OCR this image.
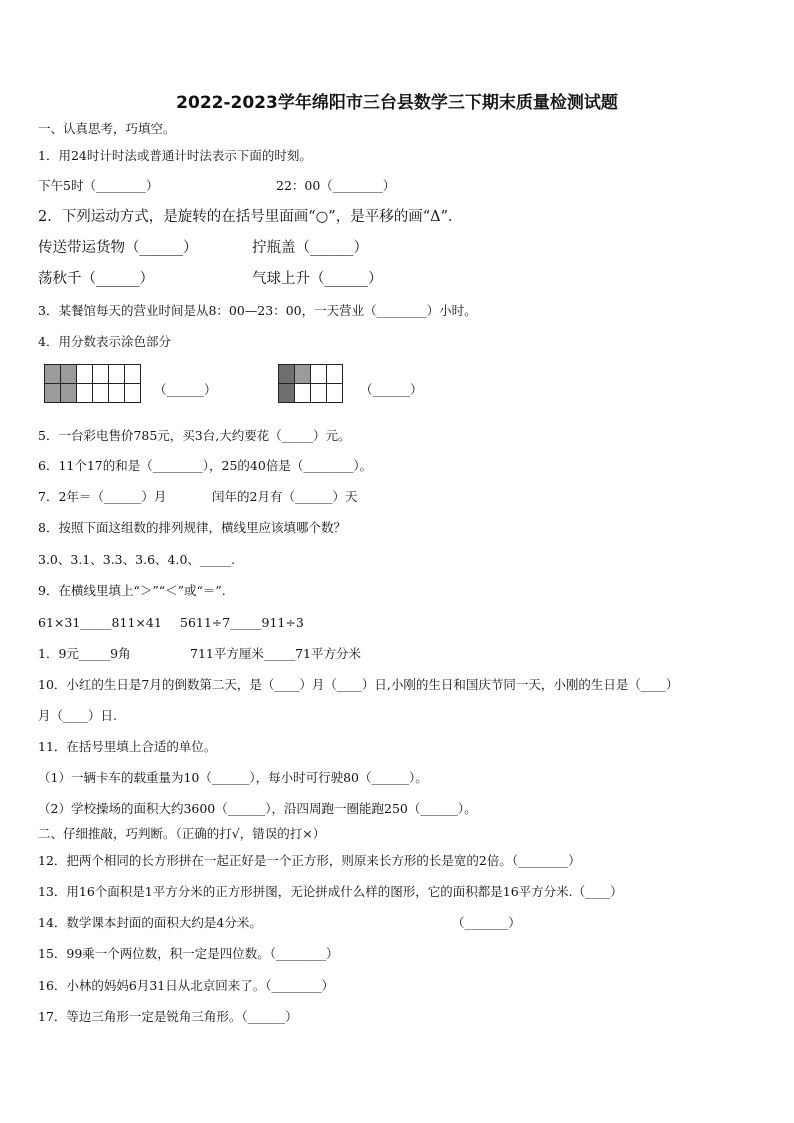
2022-2023学年绵阳市三台县数学三下期末质量检测试题
一、认真思考，巧填空。
1．用24时计时法或普通计时法表示下面的时刻。
下午5时（________）	22：00（________）
2．下列运动方式，是旋转的在括号里面画“○”，是平移的画“Δ”．
传送带运货物（______）	拧瓶盖（______）
荡秋千（______）	气球上升（______）
3．某餐馆每天的营业时间是从8：00—23：00，一天营业（________）小时。
4．用分数表示涂色部分

（______）

				（______）
5．一台彩电售价785元，买3台,大约要花（_____）元。
6．11个17的和是（________），25的40倍是（________）。
7．2年＝（______）月	闰年的2月有（______）天
8．按照下面这组数的排列规律，横线里应该填哪个数？
3.0、3.1、3.3、3.6、4.0、_____.
9．在横线里填上“＞”“＜”或“＝”.
61×31_____811×41 5611÷7_____911÷3
1．9元_____9角	711平方厘米_____71平方分米
10．小红的生日是7月的倒数第二天，是（____）月（____）日,小刚的生日和国庆节同一天，小刚的生日是（____）
月（____）日.
11．在括号里填上合适的单位。
（1）一辆卡车的载重量为10（______），每小时可行驶80（______）。
（2）学校操场的面积大约3600（______），沿四周跑一圈能跑250（______）。
二、仔细推敲，巧判断。（正确的打√，错误的打×）
12．把两个相同的长方形拼在一起正好是一个正方形，则原来长方形的长是宽的2倍。（________）
13．用16个面积是1平方分米的正方形拼图，无论拼成什么样的图形，它的面积都是16平方分米.（____）
14．数学课本封面的面积大约是4分米。	（_______）
15．99乘一个两位数，积一定是四位数。（________）
16．小林的妈妈6月31日从北京回来了。（________）
17．等边三角形一定是锐角三角形。（______）
